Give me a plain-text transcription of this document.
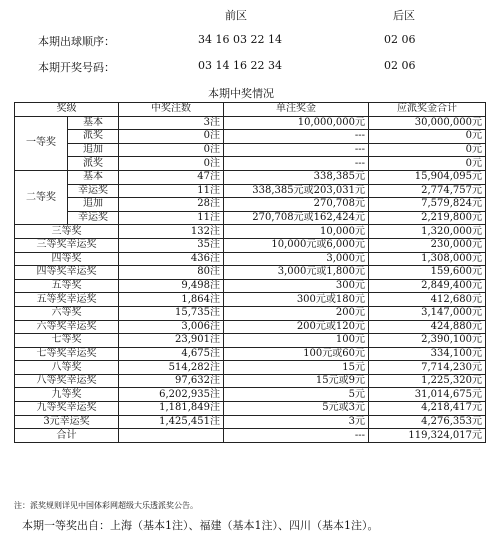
前区	后区
本期出球顺序：	34 16 03 22 14	02 06
本期开奖号码：	03 14 16 22 34	02 06
本期中奖情况
奖级		中奖注数	单注奖金	应派奖金合计
一等奖	基本	3注	10,000,000元	30,000,000元
	派奖	0注	---	0元
	追加	0注	---	0元
	派奖	0注	---	0元
二等奖	基本	47注	338,385元	15,904,095元
	幸运奖	11注	338,385元或203,031元	2,774,757元
	追加	28注	270,708元	7,579,824元
	幸运奖	11注	270,708元或162,424元	2,219,800元
三等奖		132注	10,000元	1,320,000元
三等奖幸运奖		35注	10,000元或6,000元	230,000元
四等奖		436注	3,000元	1,308,000元
四等奖幸运奖		80注	3,000元或1,800元	159,600元
五等奖		9,498注	300元	2,849,400元
五等奖幸运奖		1,864注	300元或180元	412,680元
六等奖		15,735注	200元	3,147,000元
六等奖幸运奖		3,006注	200元或120元	424,880元
七等奖		23,901注	100元	2,390,100元
七等奖幸运奖		4,675注	100元或60元	334,100元
八等奖		514,282注	15元	7,714,230元
八等奖幸运奖		97,632注	15元或9元	1,225,320元
九等奖		6,202,935注	5元	31,014,675元
九等奖幸运奖		1,181,849注	5元或3元	4,218,417元
3元幸运奖		1,425,451注	3元	4,276,353元
合计			---	119,324,017元
注：派奖规则详见中国体彩网超级大乐透派奖公告。
本期一等奖出自：上海（基本1注）、福建（基本1注）、四川（基本1注）。
